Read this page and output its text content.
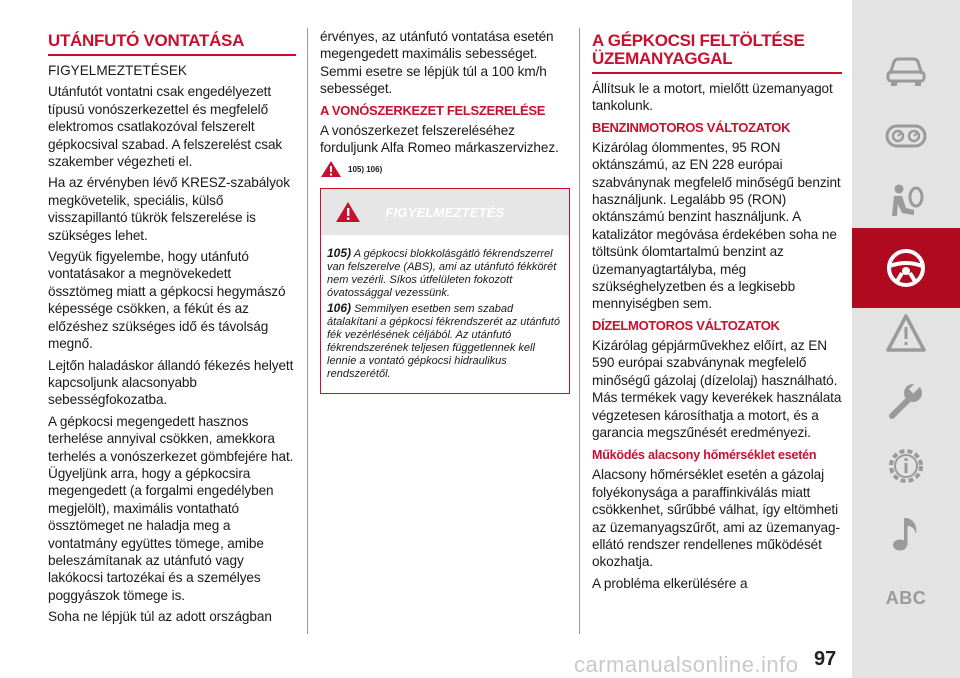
UTÁNFUTÓ VONTATÁSA

FIGYELMEZTETÉSEK

Utánfutót vontatni csak engedélyezett típusú vonószerkezettel és megfelelő elektromos csatlakozóval felszerelt gépkocsival szabad. A felszerelést csak szakember végezheti el.

Ha az érvényben lévő KRESZ-szabályok megkövetelik, speciális, külső visszapillantó tükrök felszerelése is szükséges lehet.

Vegyük figyelembe, hogy utánfutó vontatásakor a megnövekedett össztömeg miatt a gépkocsi hegymászó képessége csökken, a fékút és az előzéshez szükséges idő és távolság megnő.

Lejtőn haladáskor állandó fékezés helyett kapcsoljunk alacsonyabb sebességfokozatba.

A gépkocsi megengedett hasznos terhelése annyival csökken, amekkora terhelés a vonószerkezet gömbfejére hat. Ügyeljünk arra, hogy a gépkocsira megengedett (a forgalmi engedélyben megjelölt), maximális vontatható össztömeget ne haladja meg a vontatmány együttes tömege, amibe beleszámítanak az utánfutó vagy lakókocsi tartozékai és a személyes poggyászok tömege is.

Soha ne lépjük túl az adott országban

érvényes, az utánfutó vontatása esetén megengedett maximális sebességet. Semmi esetre se lépjük túl a 100 km/h sebességet.

A VONÓSZERKEZET FELSZERELÉSE

A vonószerkezet felszereléséhez forduljunk Alfa Romeo márkaszervizhez.

105) 106)
FIGYELMEZTETÉS

105) A gépkocsi blokkolásgátló fékrendszerrel van felszerelve (ABS), ami az utánfutó fékkörét nem vezérli. Síkos útfelületen fokozott óvatossággal vezessünk.

106) Semmilyen esetben sem szabad átalakítani a gépkocsi fékrendszerét az utánfutó fék vezérlésének céljából. Az utánfutó fékrendszerének teljesen függetlennek kell lennie a vontató gépkocsi hidraulikus rendszerétől.

A GÉPKOCSI FELTÖLTÉSE
ÜZEMANYAGGAL

Állítsuk le a motort, mielőtt üzemanyagot tankolunk.

BENZINMOTOROS VÁLTOZATOK

Kizárólag ólommentes, 95 RON oktánszámú, az EN 228 európai szabványnak megfelelő minőségű benzint használjunk. Legalább 95 (RON) oktánszámú benzint használjunk. A katalizátor megóvása érdekében soha ne töltsünk ólomtartalmú benzint az üzemanyagtartályba, még szükséghelyzetben és a legkisebb mennyiségben sem.

DÍZELMOTOROS VÁLTOZATOK

Kizárólag gépjárművekhez előírt, az EN 590 európai szabványnak megfelelő minőségű gázolaj (dízelolaj) használható. Más termékek vagy keverékek használata végzetesen károsíthatja a motort, és a garancia megszűnését eredményezi.

Működés alacsony hőmérséklet esetén

Alacsony hőmérséklet esetén a gázolaj folyékonysága a paraffinkiválás miatt csökkenhet, sűrűbbé válhat, így eltömheti az üzemanyagszűrőt, ami az üzemanyag-ellátó rendszer rendellenes működését okozhatja.

A probléma elkerülésére a

ABC
carmanualsonline.info 97
